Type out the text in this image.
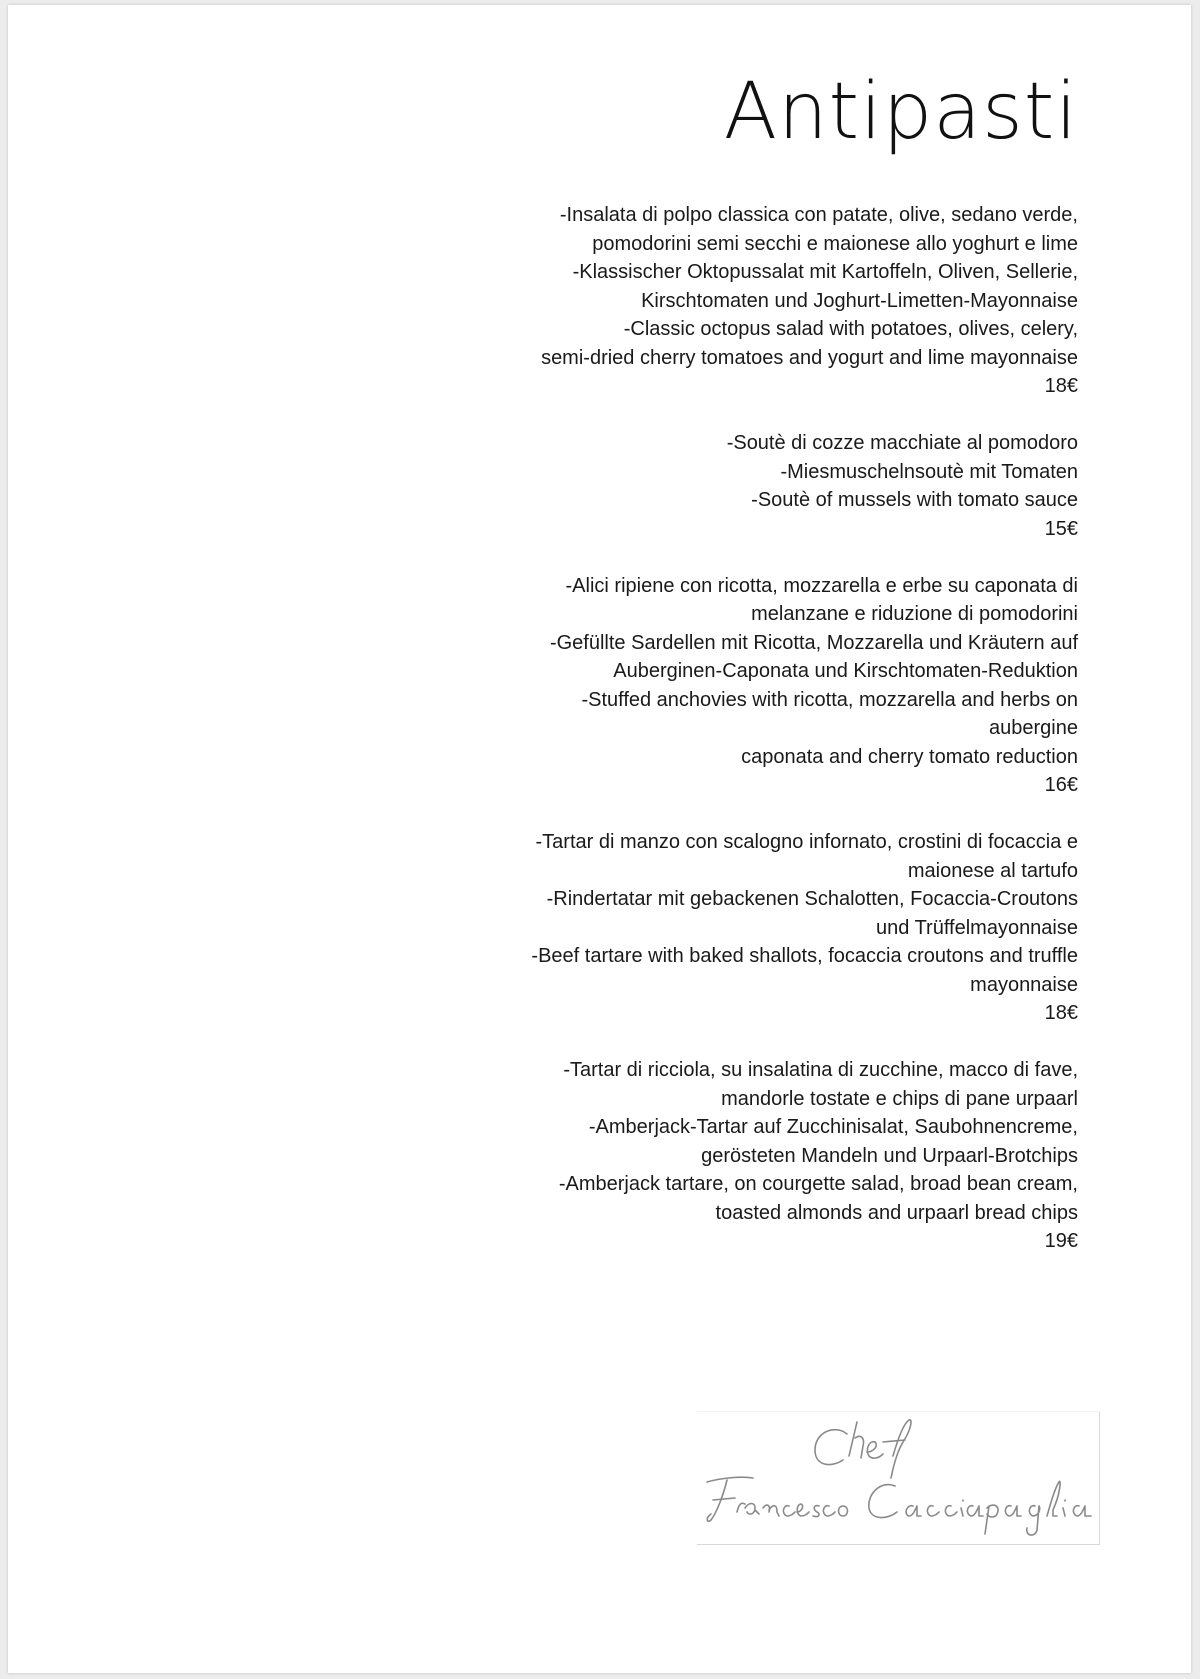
Antipasti
-Insalata di polpo classica con patate, olive, sedano verde,
pomodorini semi secchi e maionese allo yoghurt e lime
-Klassischer Oktopussalat mit Kartoffeln, Oliven, Sellerie,
Kirschtomaten und Joghurt-Limetten-Mayonnaise
-Classic octopus salad with potatoes, olives, celery,
semi-dried cherry tomatoes and yogurt and lime mayonnaise
18€
-Soutè di cozze macchiate al pomodoro
-Miesmuschelnsoutè mit Tomaten
-Soutè of mussels with tomato sauce
15€
-Alici ripiene con ricotta, mozzarella e erbe su caponata di
melanzane e riduzione di pomodorini
-Gefüllte Sardellen mit Ricotta, Mozzarella und Kräutern auf
Auberginen-Caponata und Kirschtomaten-Reduktion
-Stuffed anchovies with ricotta, mozzarella and herbs on
aubergine
caponata and cherry tomato reduction
16€
-Tartar di manzo con scalogno infornato, crostini di focaccia e
maionese al tartufo
-Rindertatar mit gebackenen Schalotten, Focaccia-Croutons
und Trüffelmayonnaise
-Beef tartare with baked shallots, focaccia croutons and truffle
mayonnaise
18€
-Tartar di ricciola, su insalatina di zucchine, macco di fave,
mandorle tostate e chips di pane urpaarl
-Amberjack-Tartar auf Zucchinisalat, Saubohnencreme,
gerösteten Mandeln und Urpaarl-Brotchips
-Amberjack tartare, on courgette salad, broad bean cream,
toasted almonds and urpaarl bread chips
19€
